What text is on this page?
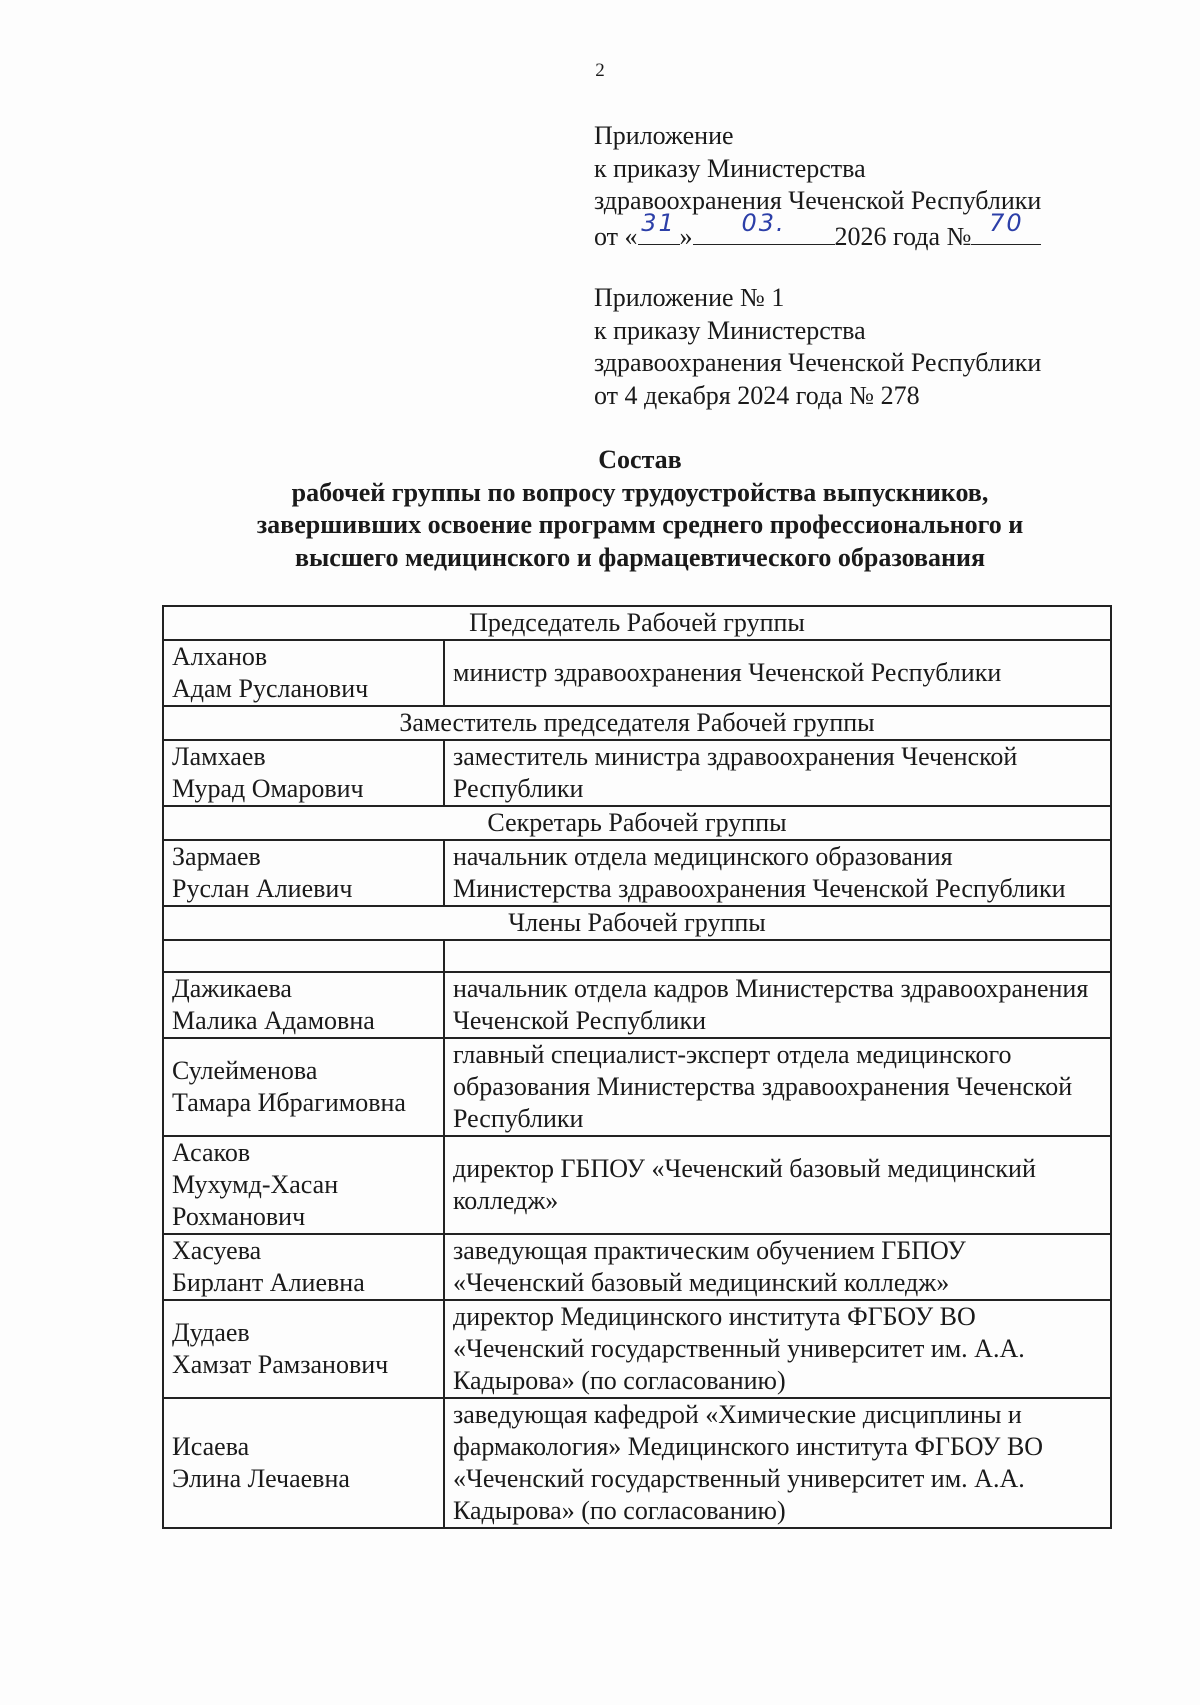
2
Приложение
к приказу Министерства
здравоохранения Чеченской Республики
от « 31 »	03.	2026 года № 70
Приложение № 1
к приказу Министерства
здравоохранения Чеченской Республики
от 4 декабря 2024 года № 278
Состав
рабочей группы по вопросу трудоустройства выпускников,
завершивших освоение программ среднего профессионального и
высшего медицинского и фармацевтического образования
Председатель Рабочей группы	

Алханов
Адам Русланович	министр здравоохранения Чеченской Республики
Заместитель председателя Рабочей группы	

Ламхаев
Мурад Омарович	заместитель министра здравоохранения Чеченской Республики
Секретарь Рабочей группы	

Зармаев
Руслан Алиевич	начальник отдела медицинского образования Министерства здравоохранения Чеченской Республики
Члены Рабочей группы	

Дажикаева
Малика Адамовна	начальник отдела кадров Министерства здравоохранения Чеченской Республики

Сулейменова
Тамара Ибрагимовна	главный специалист-эксперт отдела медицинского образования Министерства здравоохранения Чеченской Республики

Асаков
Мухумд-Хасан
Рохманович	директор ГБПОУ «Чеченский базовый медицинский колледж»

Хасуева
Бирлант Алиевна	заведующая практическим обучением ГБПОУ «Чеченский базовый медицинский колледж»

Дудаев
Хамзат Рамзанович	директор Медицинского института ФГБОУ ВО «Чеченский государственный университет им. А.А. Кадырова» (по согласованию)

Исаева
Элина Лечаевна	заведующая кафедрой «Химические дисциплины и фармакология» Медицинского института ФГБОУ ВО «Чеченский государственный университет им. А.А. Кадырова» (по согласованию)
